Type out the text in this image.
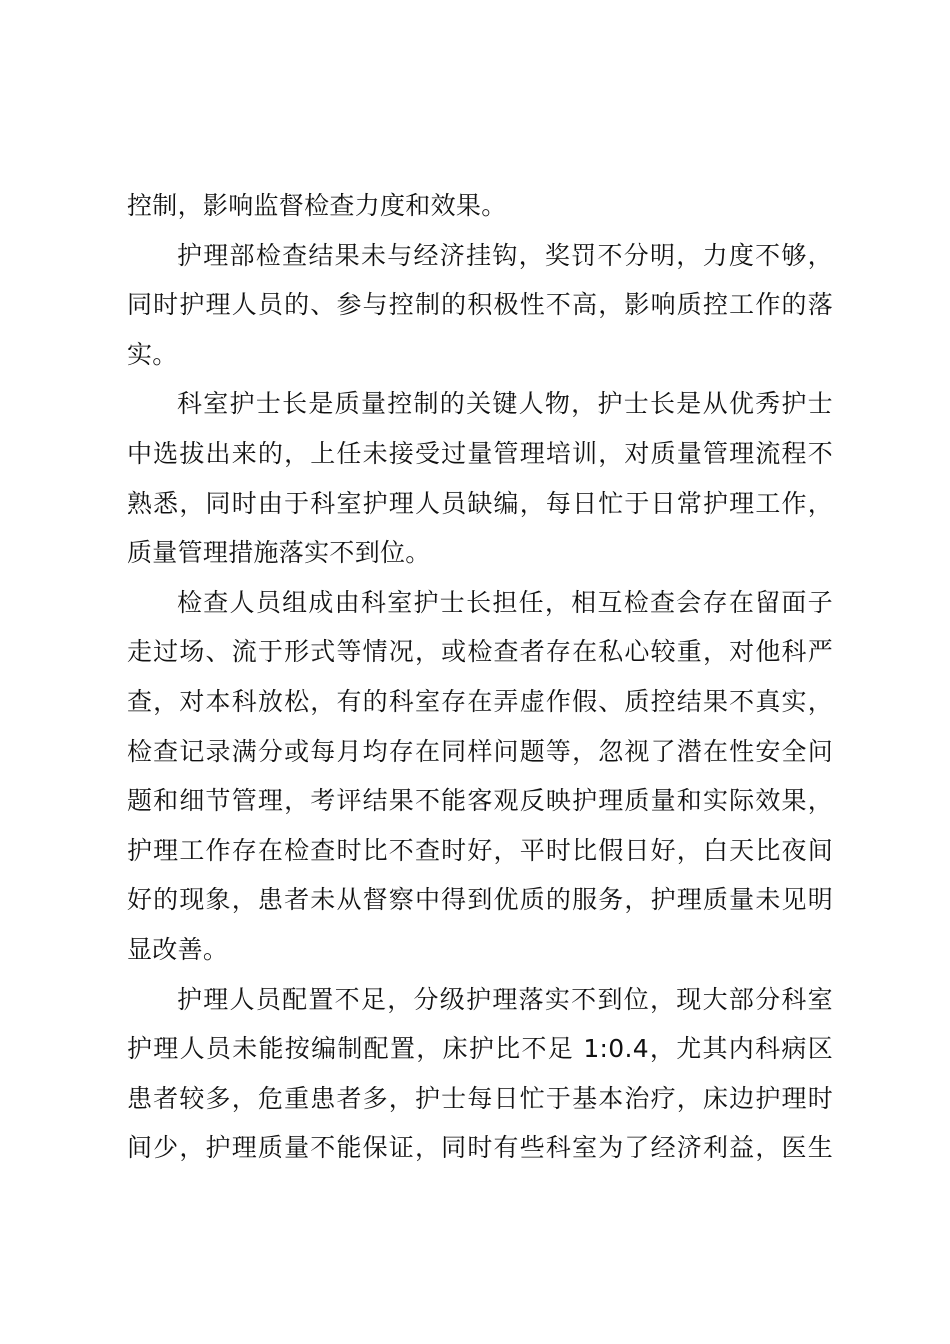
控制，影响监督检查力度和效果。
护理部检查结果未与经济挂钩，奖罚不分明，力度不够，
同时护理人员的、参与控制的积极性不高，影响质控工作的落
实。
科室护士长是质量控制的关键人物，护士长是从优秀护士
中选拔出来的，上任未接受过量管理培训，对质量管理流程不
熟悉，同时由于科室护理人员缺编，每日忙于日常护理工作，
质量管理措施落实不到位。
检查人员组成由科室护士长担任，相互检查会存在留面子
走过场、流于形式等情况，或检查者存在私心较重，对他科严
查，对本科放松，有的科室存在弄虚作假、质控结果不真实，
检查记录满分或每月均存在同样问题等，忽视了潜在性安全问
题和细节管理，考评结果不能客观反映护理质量和实际效果，
护理工作存在检查时比不查时好，平时比假日好，白天比夜间
好的现象，患者未从督察中得到优质的服务，护理质量未见明
显改善。
护理人员配置不足，分级护理落实不到位，现大部分科室
护理人员未能按编制配置，床护比不足 1:0.4，尤其内科病区
患者较多，危重患者多，护士每日忙于基本治疗，床边护理时
间少，护理质量不能保证，同时有些科室为了经济利益，医生
